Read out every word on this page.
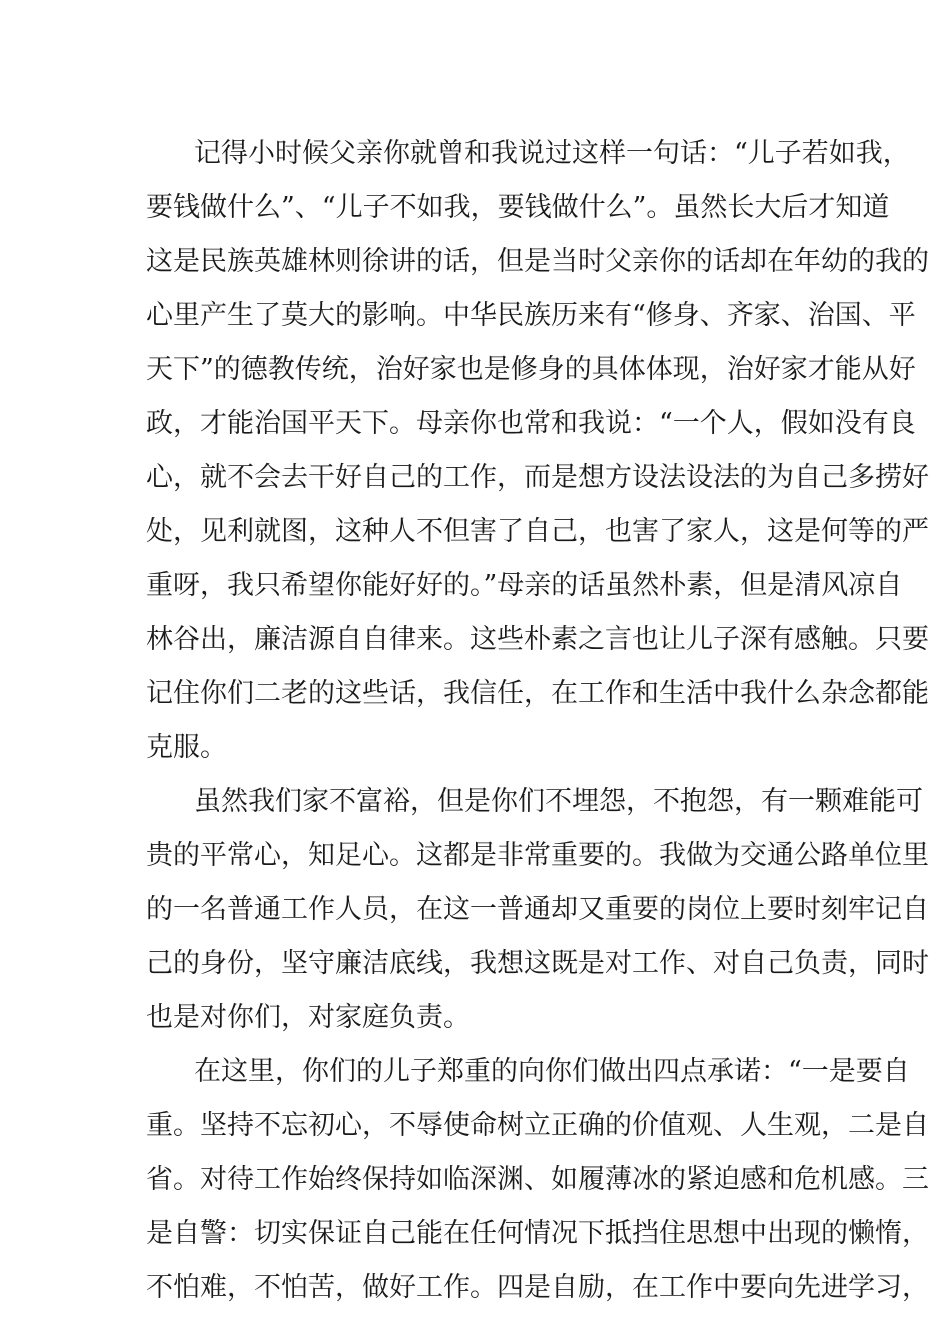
记得小时候父亲你就曾和我说过这样一句话：“儿子若如我，
要钱做什么”、“儿子不如我，要钱做什么”。虽然长大后才知道
这是民族英雄林则徐讲的话，但是当时父亲你的话却在年幼的我的
心里产生了莫大的影响。中华民族历来有“修身、齐家、治国、平
天下”的德教传统，治好家也是修身的具体体现，治好家才能从好
政，才能治国平天下。母亲你也常和我说：“一个人，假如没有良
心，就不会去干好自己的工作，而是想方设法设法的为自己多捞好
处，见利就图，这种人不但害了自己，也害了家人，这是何等的严
重呀，我只希望你能好好的。”母亲的话虽然朴素，但是清风凉自
林谷出，廉洁源自自律来。这些朴素之言也让儿子深有感触。只要
记住你们二老的这些话，我信任，在工作和生活中我什么杂念都能
克服。
虽然我们家不富裕，但是你们不埋怨，不抱怨，有一颗难能可
贵的平常心，知足心。这都是非常重要的。我做为交通公路单位里
的一名普通工作人员，在这一普通却又重要的岗位上要时刻牢记自
己的身份，坚守廉洁底线，我想这既是对工作、对自己负责，同时
也是对你们，对家庭负责。
在这里，你们的儿子郑重的向你们做出四点承诺：“一是要自
重。坚持不忘初心，不辱使命树立正确的价值观、人生观，二是自
省。对待工作始终保持如临深渊、如履薄冰的紧迫感和危机感。三
是自警：切实保证自己能在任何情况下抵挡住思想中出现的懒惰，
不怕难，不怕苦，做好工作。四是自励，在工作中要向先进学习，
